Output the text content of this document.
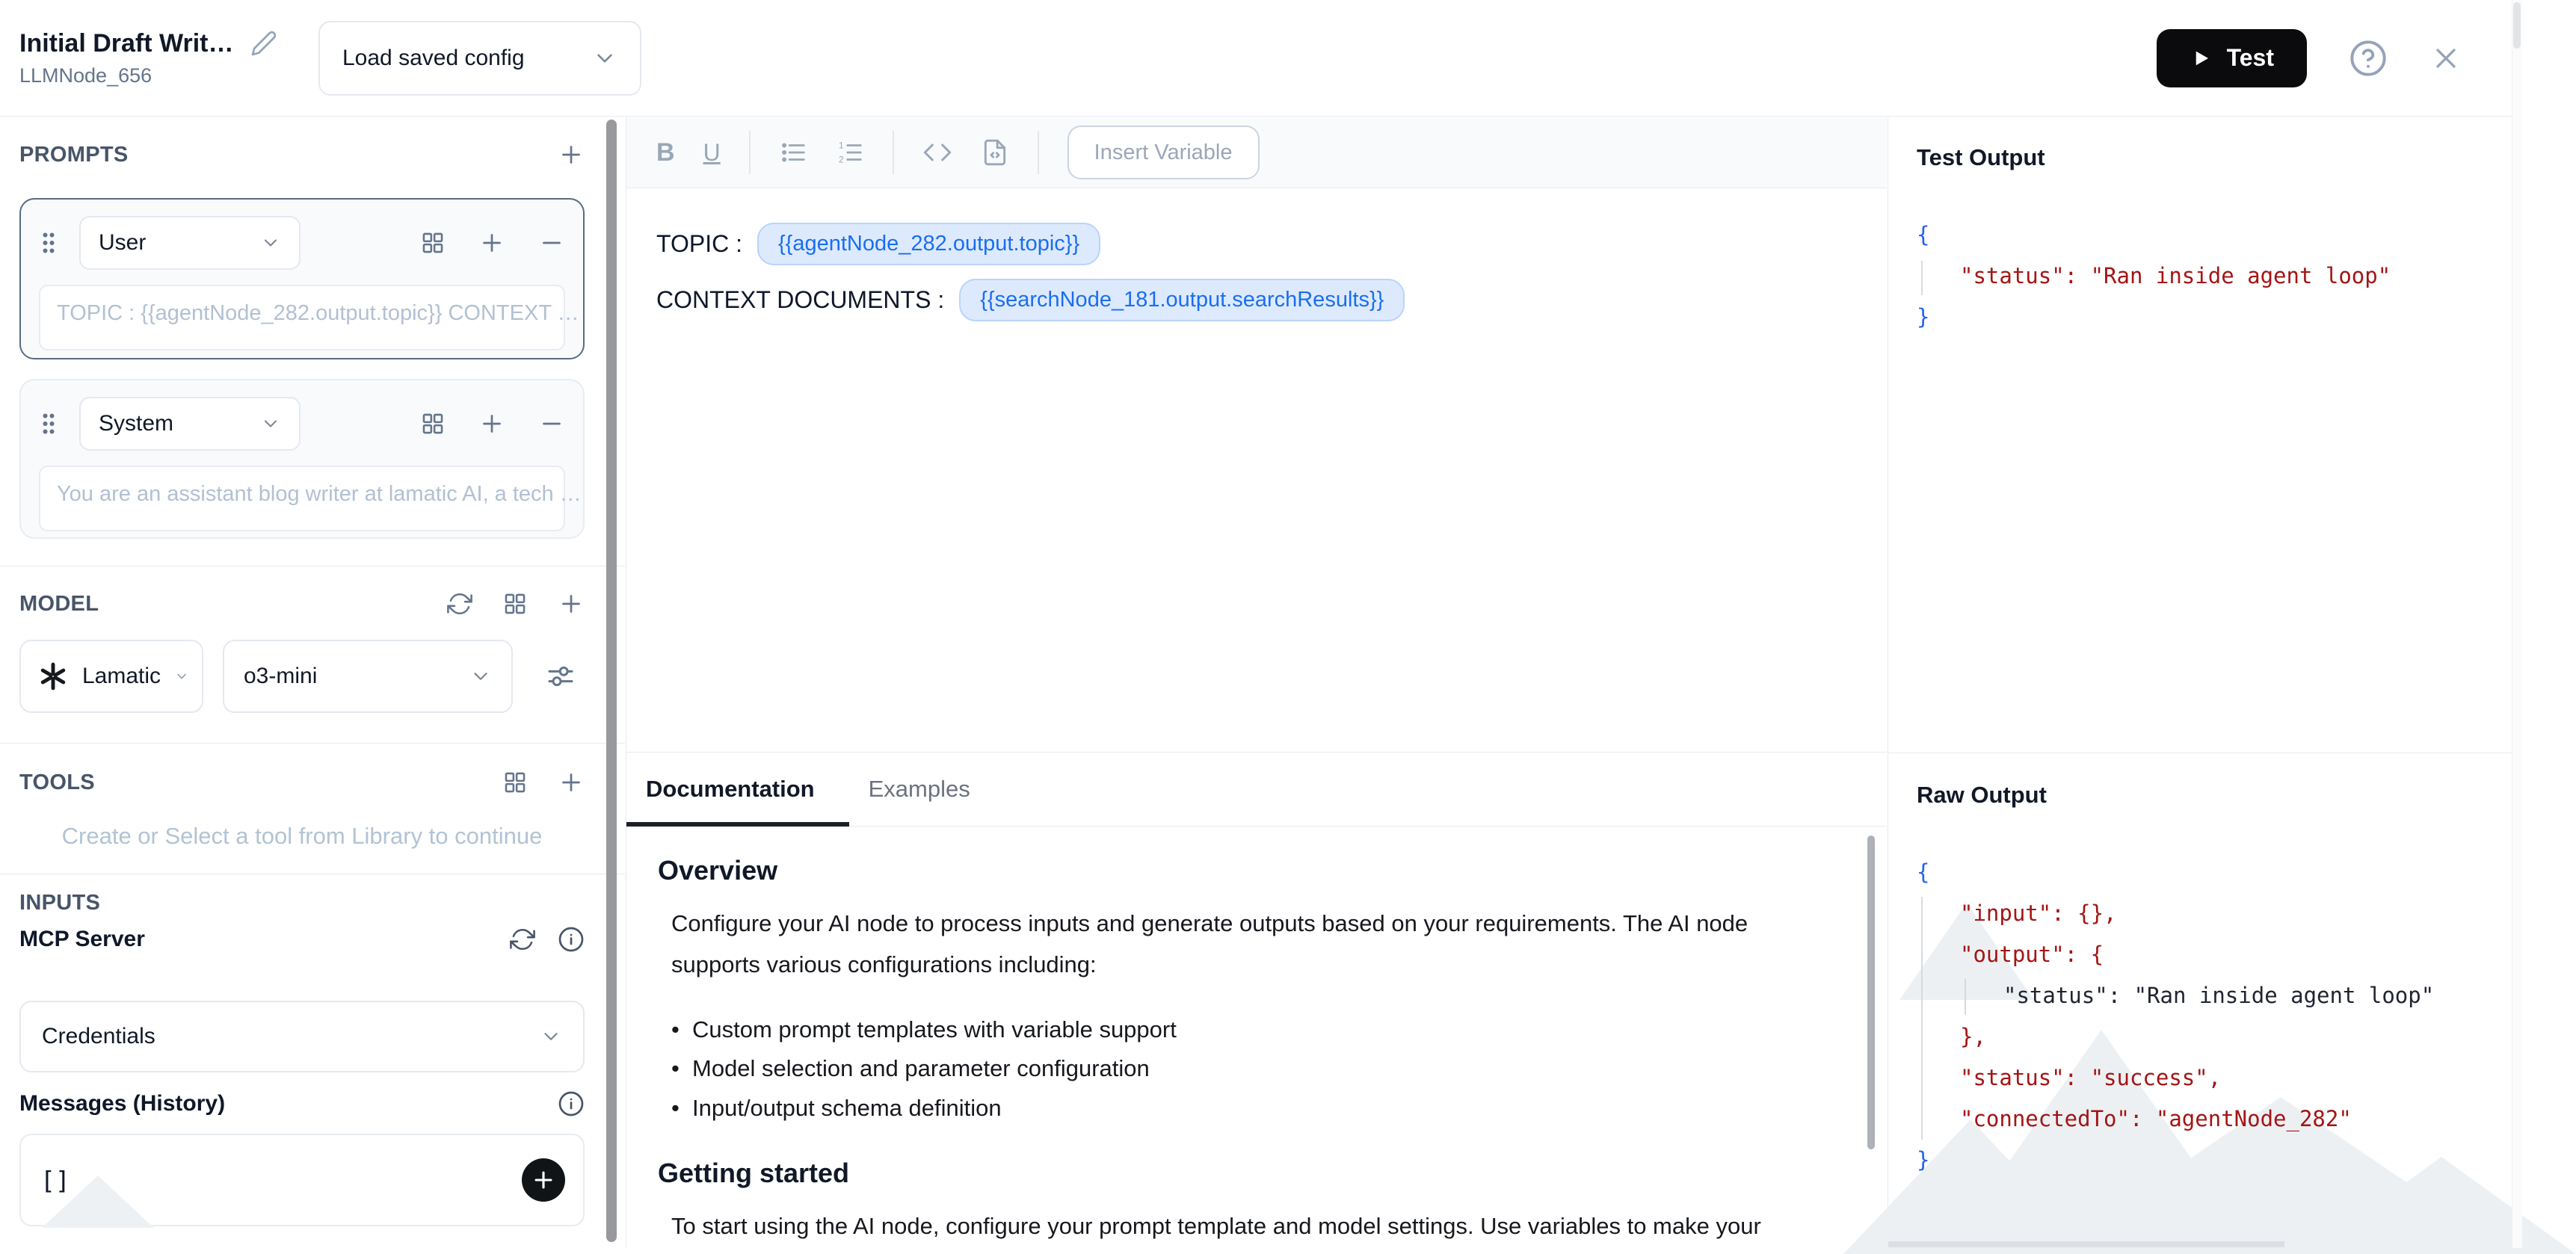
Initial Draft Writ…
LLMNode_656
Load saved config	Test
PROMPTS
User
TOPIC : {{agentNode_282.output.topic}} CONTEXT …
System
You are an assistant blog writer at lamatic AI, a tech …
MODEL
Lamatic	o3-mini
TOOLS
Create or Select a tool from Library to continue
INPUTS
MCP Server
Credentials
Messages (History)
[]
B U	1
2	Insert Variable
TOPIC :	{{agentNode_282.output.topic}}
CONTEXT DOCUMENTS :	{{searchNode_181.output.searchResults}}
Documentation Examples
Overview

Configure your AI node to process inputs and generate outputs based on your requirements. The AI node supports various configurations including:

• Custom prompt templates with variable support
• Model selection and parameter configuration
• Input/output schema definition
Getting started

To start using the AI node, configure your prompt template and model settings. Use variables to make your

Test Output
{
"status": "Ran inside agent loop"
}
Raw Output
{
"input": {},
"output": {
"status": "Ran inside agent loop"
},
"status": "success",
"connectedTo": "agentNode_282"
}
